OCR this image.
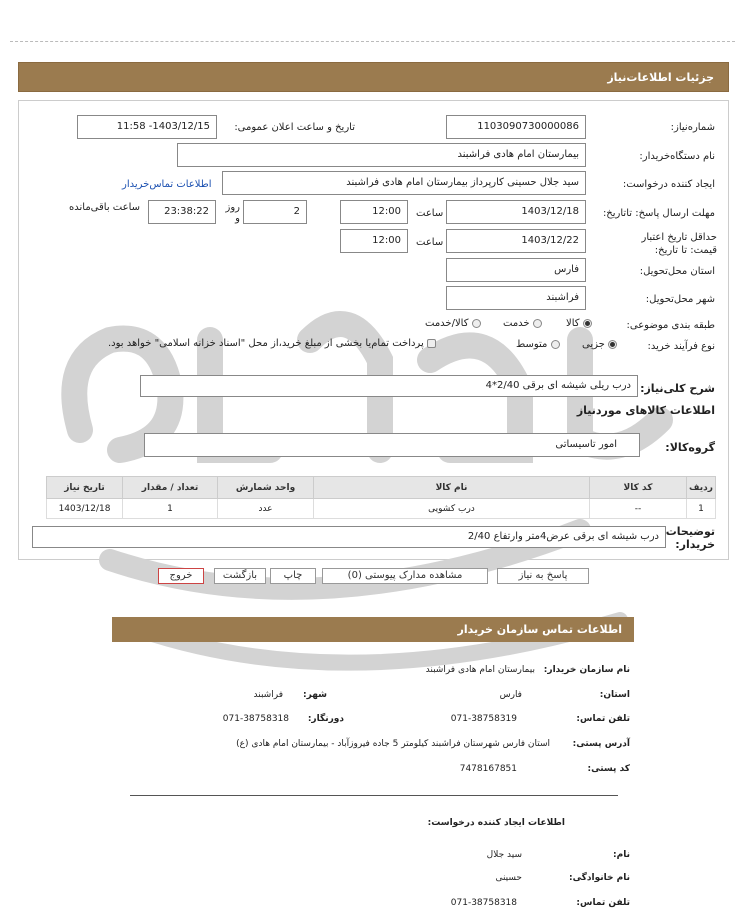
جزئیات اطلاعات‌نیاز
شماره‌نیاز:
1103090730000086
تاریخ و ساعت اعلان عمومی:
1403/12/15- 11:58
نام دستگاه‌خریدار:
بیمارستان امام هادی فراشبند
ایجاد کننده درخواست:
سید جلال حسینی کارپرداز بیمارستان امام هادی فراشبند
اطلاعات تماس‌خریدار
مهلت ارسال پاسخ: تاتاریخ:
1403/12/18
ساعت
12:00
2
روز و
23:38:22
ساعت باقی‌مانده
حداقل تاریخ اعتبار قیمت: تا تاریخ:
1403/12/22
ساعت
12:00
استان محل‌تحویل:
فارس
شهر محل‌تحویل:
فراشبند
طبقه بندی موضوعی:
کالا
خدمت
کالا/خدمت
نوع فرآیند خرید:
جزیی
متوسط
پرداخت تمام‌یا بخشی از مبلغ خرید،از محل "اسناد خزانه اسلامی" خواهد بود.
شرح کلی‌نیاز:
درب ریلی شیشه ای برقی 2/40*4
اطلاعات کالاهای موردنیاز
گروه‌کالا:
امور تاسیساتی
ردیف	کد کالا	نام کالا	واحد شمارش	تعداد / مقدار	تاریخ نیاز
1	--	درب کشویی	عدد	1	1403/12/18
توضیحات خریدار:
درب شیشه ای برقی عرض4متر وارتفاع 2/40
پاسخ به نیاز
مشاهده مدارک پیوستی (0)
چاپ
بازگشت
خروج
اطلاعات تماس سازمان خریدار
نام سازمان خریدار:
بیمارستان امام هادی فراشبند
استان:
فارس
شهر:
فراشبند
تلفن تماس:
071-38758319
دورنگار:
071-38758318
آدرس پستی:
استان فارس شهرستان فراشبند کیلومتر 5 جاده فیروزآباد - بیمارستان امام هادی (ع)
کد پستی:
7478167851
اطلاعات ایجاد کننده درخواست:
نام:
سید جلال
نام خانوادگی:
حسینی
تلفن تماس:
071-38758318
